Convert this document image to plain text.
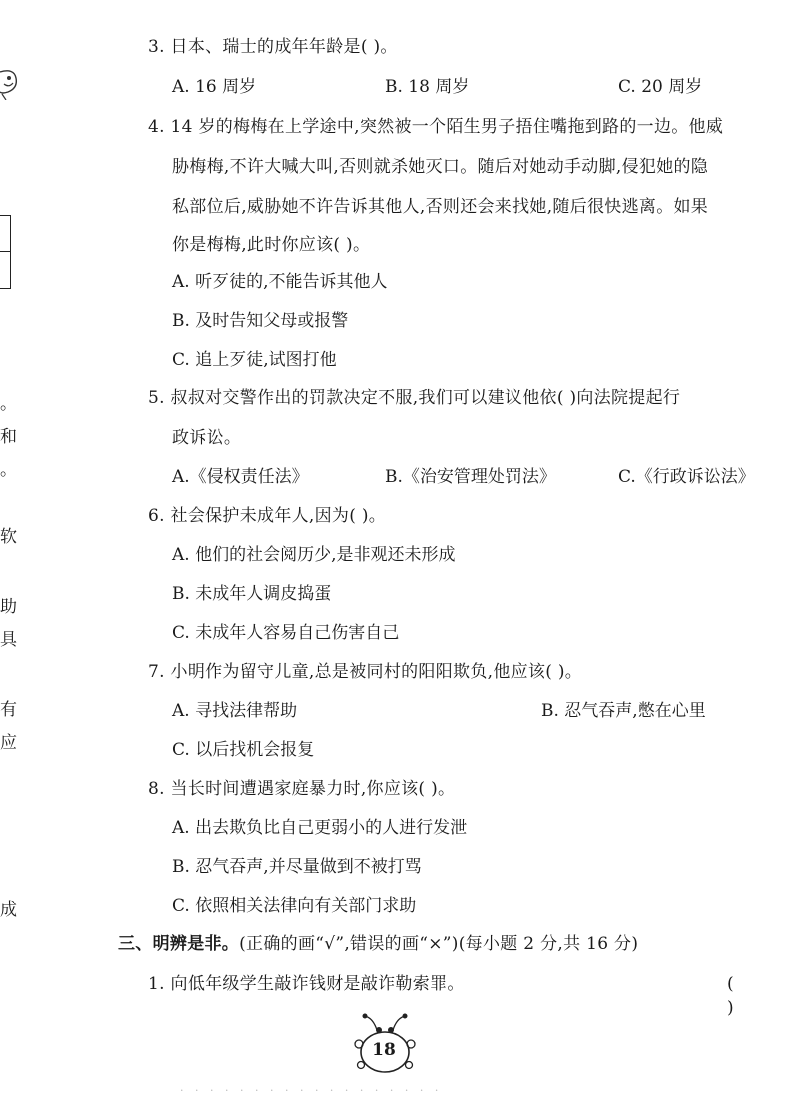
。
和
。
软
助
具
有
应
成
3. 日本、瑞士的成年年龄是( )。
A. 16 周岁	B. 18 周岁	C. 20 周岁
4. 14 岁的梅梅在上学途中,突然被一个陌生男子捂住嘴拖到路的一边。他威
胁梅梅,不许大喊大叫,否则就杀她灭口。随后对她动手动脚,侵犯她的隐
私部位后,威胁她不许告诉其他人,否则还会来找她,随后很快逃离。如果
你是梅梅,此时你应该( )。
A. 听歹徒的,不能告诉其他人
B. 及时告知父母或报警
C. 追上歹徒,试图打他
5. 叔叔对交警作出的罚款决定不服,我们可以建议他依( )向法院提起行
政诉讼。
A.《侵权责任法》	B.《治安管理处罚法》	C.《行政诉讼法》
6. 社会保护未成年人,因为( )。
A. 他们的社会阅历少,是非观还未形成
B. 未成年人调皮捣蛋
C. 未成年人容易自己伤害自己
7. 小明作为留守儿童,总是被同村的阳阳欺负,他应该( )。
A. 寻找法律帮助	B. 忍气吞声,憋在心里
C. 以后找机会报复
8. 当长时间遭遇家庭暴力时,你应该( )。
A. 出去欺负比自己更弱小的人进行发泄
B. 忍气吞声,并尽量做到不被打骂
C. 依照相关法律向有关部门求助
三、明辨是非。(正确的画“√”,错误的画“×”)(每小题 2 分,共 16 分)
1. 向低年级学生敲诈钱财是敲诈勒索罪。	( )
18
· · · · · · · · · · · · · · · · · ·
